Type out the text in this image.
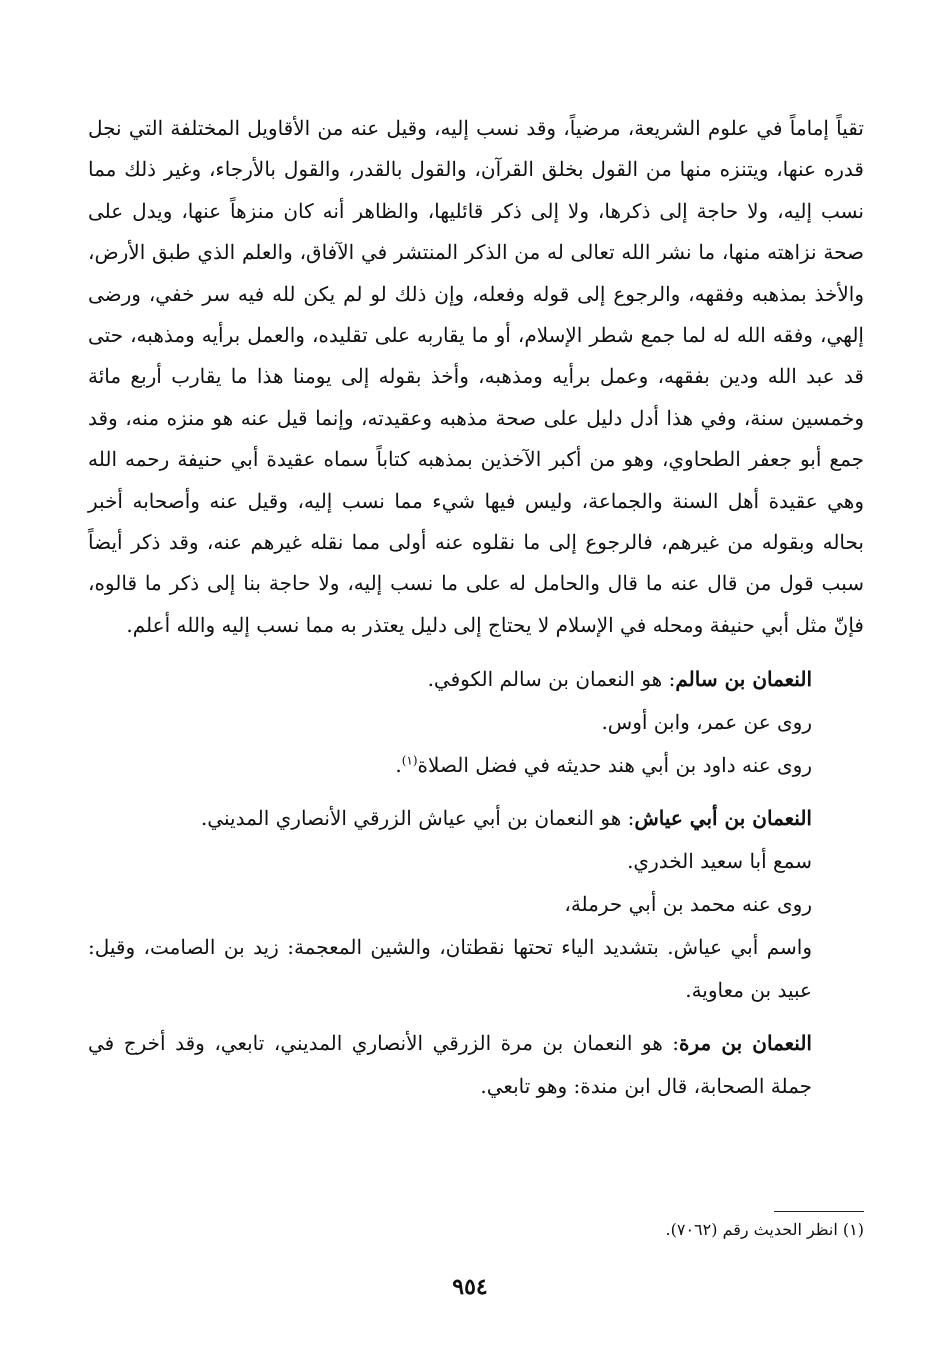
تقياً إماماً في علوم الشريعة، مرضياً، وقد نسب إليه، وقيل عنه من الأقاويل المختلفة التي نجل قدره عنها، ويتنزه منها من القول بخلق القرآن، والقول بالقدر، والقول بالأرجاء، وغير ذلك مما نسب إليه، ولا حاجة إلى ذكرها، ولا إلى ذكر قائليها، والظاهر أنه كان منزهاً عنها، ويدل على صحة نزاهته منها، ما نشر الله تعالى له من الذكر المنتشر في الآفاق، والعلم الذي طبق الأرض، والأخذ بمذهبه وفقهه، والرجوع إلى قوله وفعله، وإن ذلك لو لم يكن لله فيه سر خفي، ورضى إلهي، وفقه الله له لما جمع شطر الإسلام، أو ما يقاربه على تقليده، والعمل برأيه ومذهبه، حتى قد عبد الله ودين بفقهه، وعمل برأيه ومذهبه، وأخذ بقوله إلى يومنا هذا ما يقارب أربع مائة وخمسين سنة، وفي هذا أدل دليل على صحة مذهبه وعقيدته، وإنما قيل عنه هو منزه منه، وقد جمع أبو جعفر الطحاوي، وهو من أكبر الآخذين بمذهبه كتاباً سماه عقيدة أبي حنيفة رحمه الله وهي عقيدة أهل السنة والجماعة، وليس فيها شيء مما نسب إليه، وقيل عنه وأصحابه أخبر بحاله وبقوله من غيرهم، فالرجوع إلى ما نقلوه عنه أولى مما نقله غيرهم عنه، وقد ذكر أيضاً سبب قول من قال عنه ما قال والحامل له على ما نسب إليه، ولا حاجة بنا إلى ذكر ما قالوه، فإنّ مثل أبي حنيفة ومحله في الإسلام لا يحتاج إلى دليل يعتذر به مما نسب إليه والله أعلم.

النعمان بن سالم: هو النعمان بن سالم الكوفي.

روى عن عمر، وابن أوس.

روى عنه داود بن أبي هند حديثه في فضل الصلاة$^{(١)}$.

النعمان بن أبي عياش: هو النعمان بن أبي عياش الزرقي الأنصاري المديني.

سمع أبا سعيد الخدري.

روى عنه محمد بن أبي حرملة،

واسم أبي عياش. بتشديد الياء تحتها نقطتان، والشين المعجمة: زيد بن الصامت، وقيل: عبيد بن معاوية.

النعمان بن مرة: هو النعمان بن مرة الزرقي الأنصاري المديني، تابعي، وقد أخرج في جملة الصحابة، قال ابن مندة: وهو تابعي.

(١) انظر الحديث رقم (٧٠٦٢).
٩٥٤
